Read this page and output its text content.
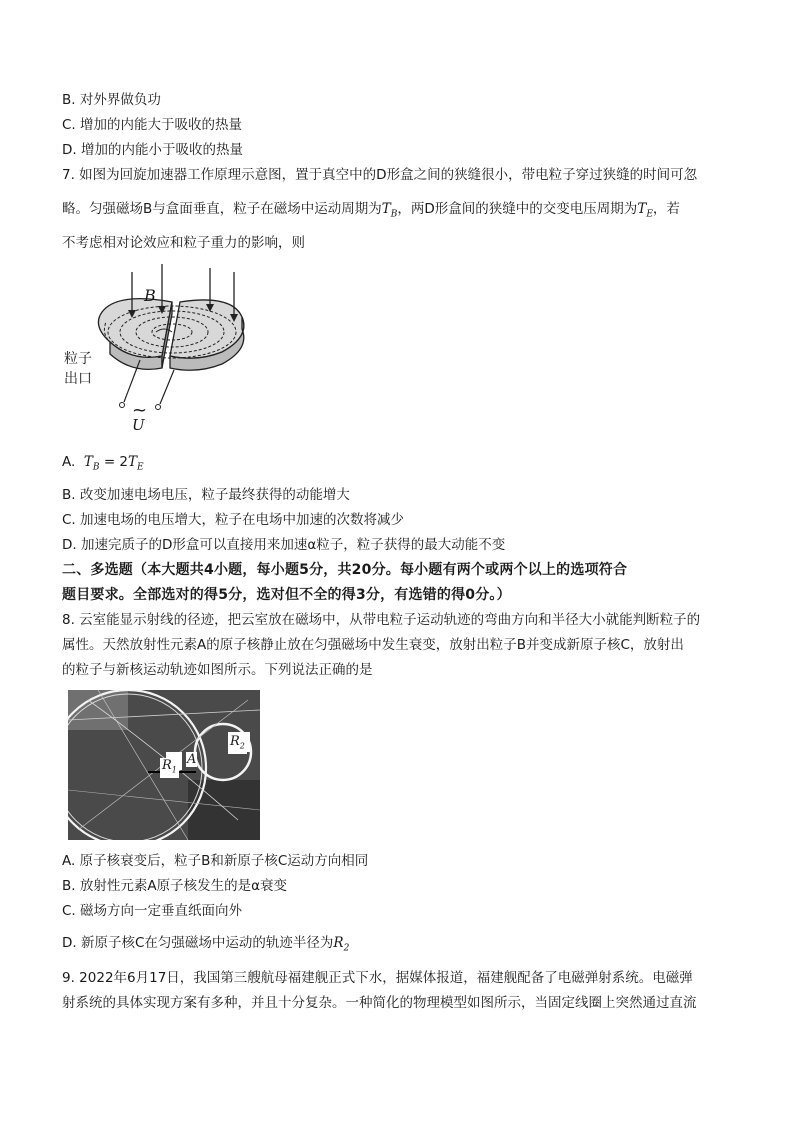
B. 对外界做负功
C. 增加的内能大于吸收的热量
D. 增加的内能小于吸收的热量
7. 如图为回旋加速器工作原理示意图，置于真空中的D形盒之间的狭缝很小，带电粒子穿过狭缝的时间可忽
略。匀强磁场B与盒面垂直，粒子在磁场中运动周期为$T_B$，两D形盒间的狭缝中的交变电压周期为$T_E$，若
不考虑相对论效应和粒子重力的影响，则
B
粒子
出口
~
U
A. $T_B = 2T_E$
B. 改变加速电场电压，粒子最终获得的动能增大
C. 加速电场的电压增大，粒子在电场中加速的次数将减少
D. 加速完质子的D形盒可以直接用来加速α粒子，粒子获得的最大动能不变
二、多选题（本大题共4小题，每小题5分，共20分。每小题有两个或两个以上的选项符合
题目要求。全部选对的得5分，选对但不全的得3分，有选错的得0分。）
8. 云室能显示射线的径迹，把云室放在磁场中，从带电粒子运动轨迹的弯曲方向和半径大小就能判断粒子的
属性。天然放射性元素A的原子核静止放在匀强磁场中发生衰变，放射出粒子B并变成新原子核C，放射出
的粒子与新核运动轨迹如图所示。下列说法正确的是
$R_1$
A
$R_2$
A. 原子核衰变后，粒子B和新原子核C运动方向相同
B. 放射性元素A原子核发生的是α衰变
C. 磁场方向一定垂直纸面向外
D. 新原子核C在匀强磁场中运动的轨迹半径为$R_2$
9. 2022年6月17日，我国第三艘航母福建舰正式下水，据媒体报道，福建舰配备了电磁弹射系统。电磁弹
射系统的具体实现方案有多种，并且十分复杂。一种简化的物理模型如图所示，当固定线圈上突然通过直流
